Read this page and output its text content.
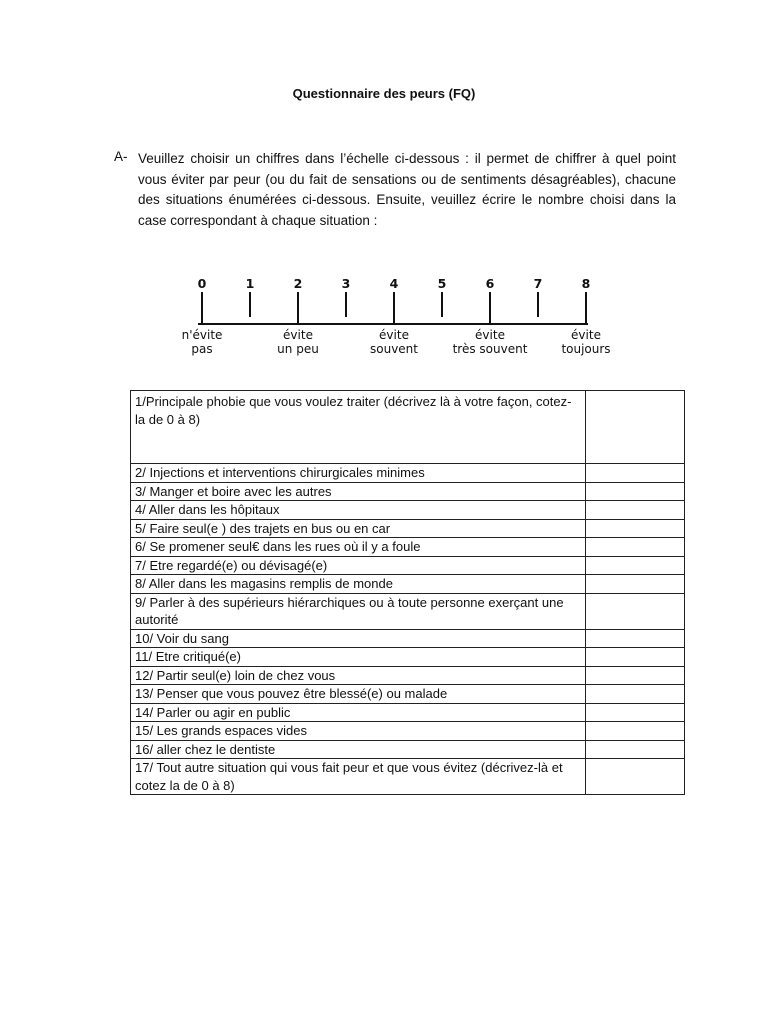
Questionnaire des peurs (FQ)
A- Veuillez choisir un chiffres dans l’échelle ci-dessous : il permet de chiffrer à quel point vous éviter par peur (ou du fait de sensations ou de sentiments désagréables), chacune des situations énumérées ci-dessous. Ensuite, veuillez écrire le nombre choisi dans la case correspondant à chaque situation :
0	1	2	3	4	5	6	7	8
n'évite
pas
évite
un peu
évite
souvent
évite
très souvent
évite
toujours
1/Principale phobie que vous voulez traiter (décrivez là à votre façon, cotez-la de 0 à 8)	
2/ Injections et interventions chirurgicales minimes	
3/ Manger et boire avec les autres	
4/ Aller dans les hôpitaux	
5/ Faire seul(e ) des trajets en bus ou en car	
6/ Se promener seul€ dans les rues où il y a foule	
7/ Etre regardé(e) ou dévisagé(e)	
8/ Aller dans les magasins remplis de monde	
9/ Parler à des supérieurs hiérarchiques ou à toute personne exerçant une autorité	
10/ Voir du sang	
11/ Etre critiqué(e)	
12/ Partir seul(e) loin de chez vous	
13/ Penser que vous pouvez être blessé(e) ou malade	
14/ Parler ou agir en public	
15/ Les grands espaces vides	
16/ aller chez le dentiste	
17/ Tout autre situation qui vous fait peur et que vous évitez (décrivez-là et cotez la de 0 à 8)	
